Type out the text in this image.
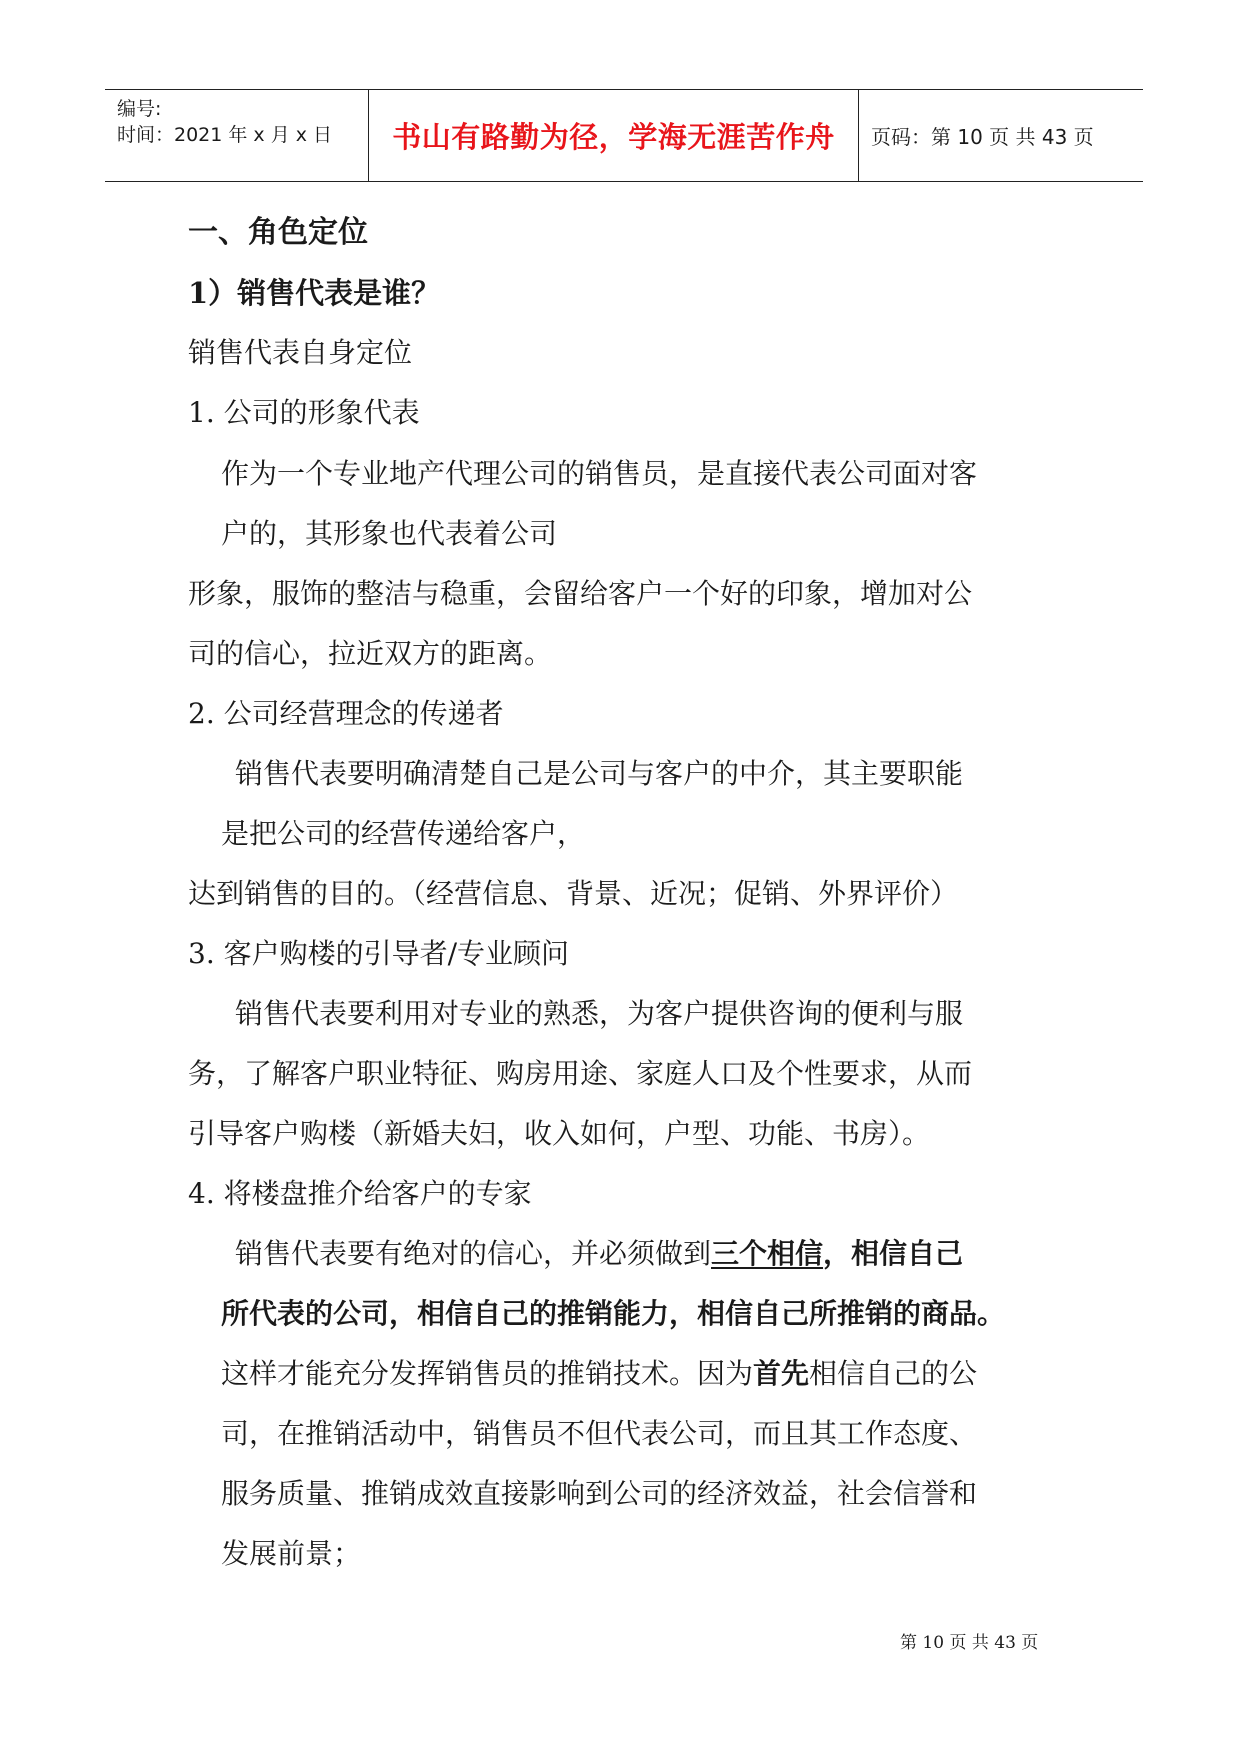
编号:
时间：2021 年 x 月 x 日 书山有路勤为径，学海无涯苦作舟 页码：第 10 页 共 43 页
一、角色定位
1）销售代表是谁？
销售代表自身定位
1. 公司的形象代表
作为一个专业地产代理公司的销售员，是直接代表公司面对客
户的，其形象也代表着公司
形象，服饰的整洁与稳重，会留给客户一个好的印象，增加对公
司的信心，拉近双方的距离。
2. 公司经营理念的传递者
销售代表要明确清楚自己是公司与客户的中介，其主要职能
是把公司的经营传递给客户，
达到销售的目的。（经营信息、背景、近况；促销、外界评价）
3. 客户购楼的引导者/专业顾问
销售代表要利用对专业的熟悉，为客户提供咨询的便利与服
务，了解客户职业特征、购房用途、家庭人口及个性要求，从而
引导客户购楼（新婚夫妇，收入如何，户型、功能、书房）。
4. 将楼盘推介给客户的专家
销售代表要有绝对的信心，并必须做到三个相信，相信自己
所代表的公司，相信自己的推销能力，相信自己所推销的商品。
这样才能充分发挥销售员的推销技术。因为首先相信自己的公
司，在推销活动中，销售员不但代表公司，而且其工作态度、
服务质量、推销成效直接影响到公司的经济效益，社会信誉和
发展前景；
第 10 页 共 43 页
